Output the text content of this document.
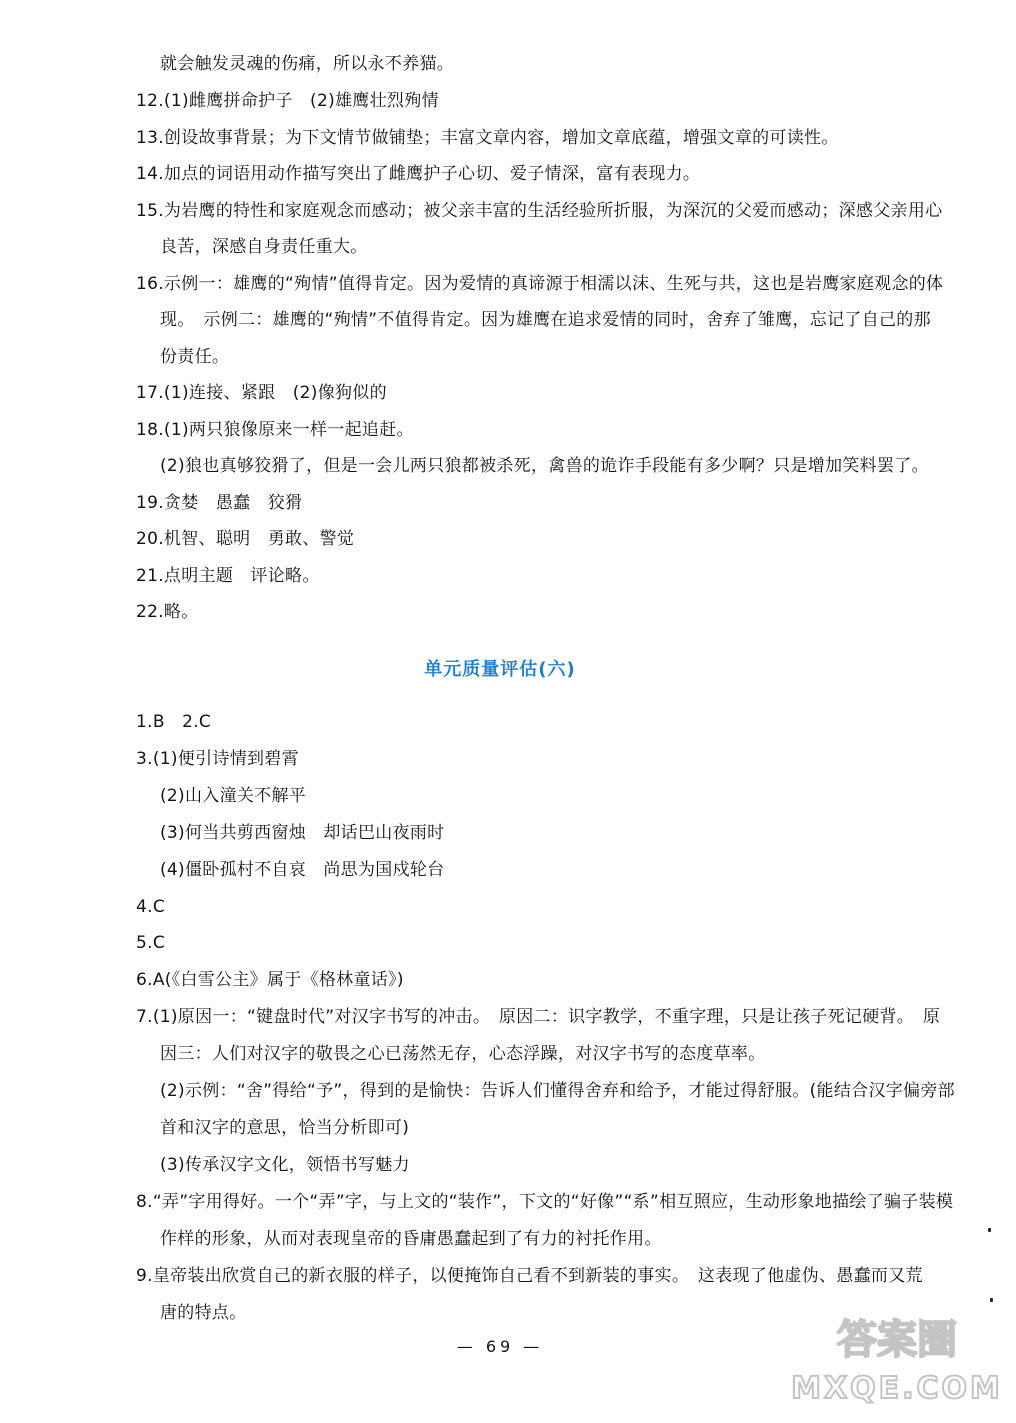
就会触发灵魂的伤痛，所以永不养猫。
12.(1)雌鹰拼命护子　(2)雄鹰壮烈殉情
13.创设故事背景；为下文情节做铺垫；丰富文章内容，增加文章底蕴，增强文章的可读性。
14.加点的词语用动作描写突出了雌鹰护子心切、爱子情深，富有表现力。
15.为岩鹰的特性和家庭观念而感动；被父亲丰富的生活经验所折服，为深沉的父爱而感动；深感父亲用心
良苦，深感自身责任重大。
16.示例一：雄鹰的“殉情”值得肯定。因为爱情的真谛源于相濡以沫、生死与共，这也是岩鹰家庭观念的体
现。　示例二：雄鹰的“殉情”不值得肯定。因为雄鹰在追求爱情的同时，舍弃了雏鹰，忘记了自己的那
份责任。
17.(1)连接、紧跟　(2)像狗似的
18.(1)两只狼像原来一样一起追赶。
(2)狼也真够狡猾了，但是一会儿两只狼都被杀死，禽兽的诡诈手段能有多少啊？只是增加笑料罢了。
19.贪婪　愚蠢　狡猾
20.机智、聪明　勇敢、警觉
21.点明主题　评论略。
22.略。
单元质量评估(六)
1.B　2.C
3.(1)便引诗情到碧霄
(2)山入潼关不解平
(3)何当共剪西窗烛　却话巴山夜雨时
(4)僵卧孤村不自哀　尚思为国戍轮台
4.C
5.C
6.A(《白雪公主》属于《格林童话》)
7.(1)原因一：“键盘时代”对汉字书写的冲击。　原因二：识字教学，不重字理，只是让孩子死记硬背。　原
因三：人们对汉字的敬畏之心已荡然无存，心态浮躁，对汉字书写的态度草率。
(2)示例：“舍”得给“予”，得到的是愉快：告诉人们懂得舍弃和给予，才能过得舒服。(能结合汉字偏旁部
首和汉字的意思，恰当分析即可)
(3)传承汉字文化，领悟书写魅力
8.“弄”字用得好。一个“弄”字，与上文的“装作”，下文的“好像”“系”相互照应，生动形象地描绘了骗子装模
作样的形象，从而对表现皇帝的昏庸愚蠢起到了有力的衬托作用。
9.皇帝装出欣赏自己的新衣服的样子，以便掩饰自己看不到新装的事实。　这表现了他虚伪、愚蠢而又荒
唐的特点。
— 69 —	答案圈
MXQE.COM
